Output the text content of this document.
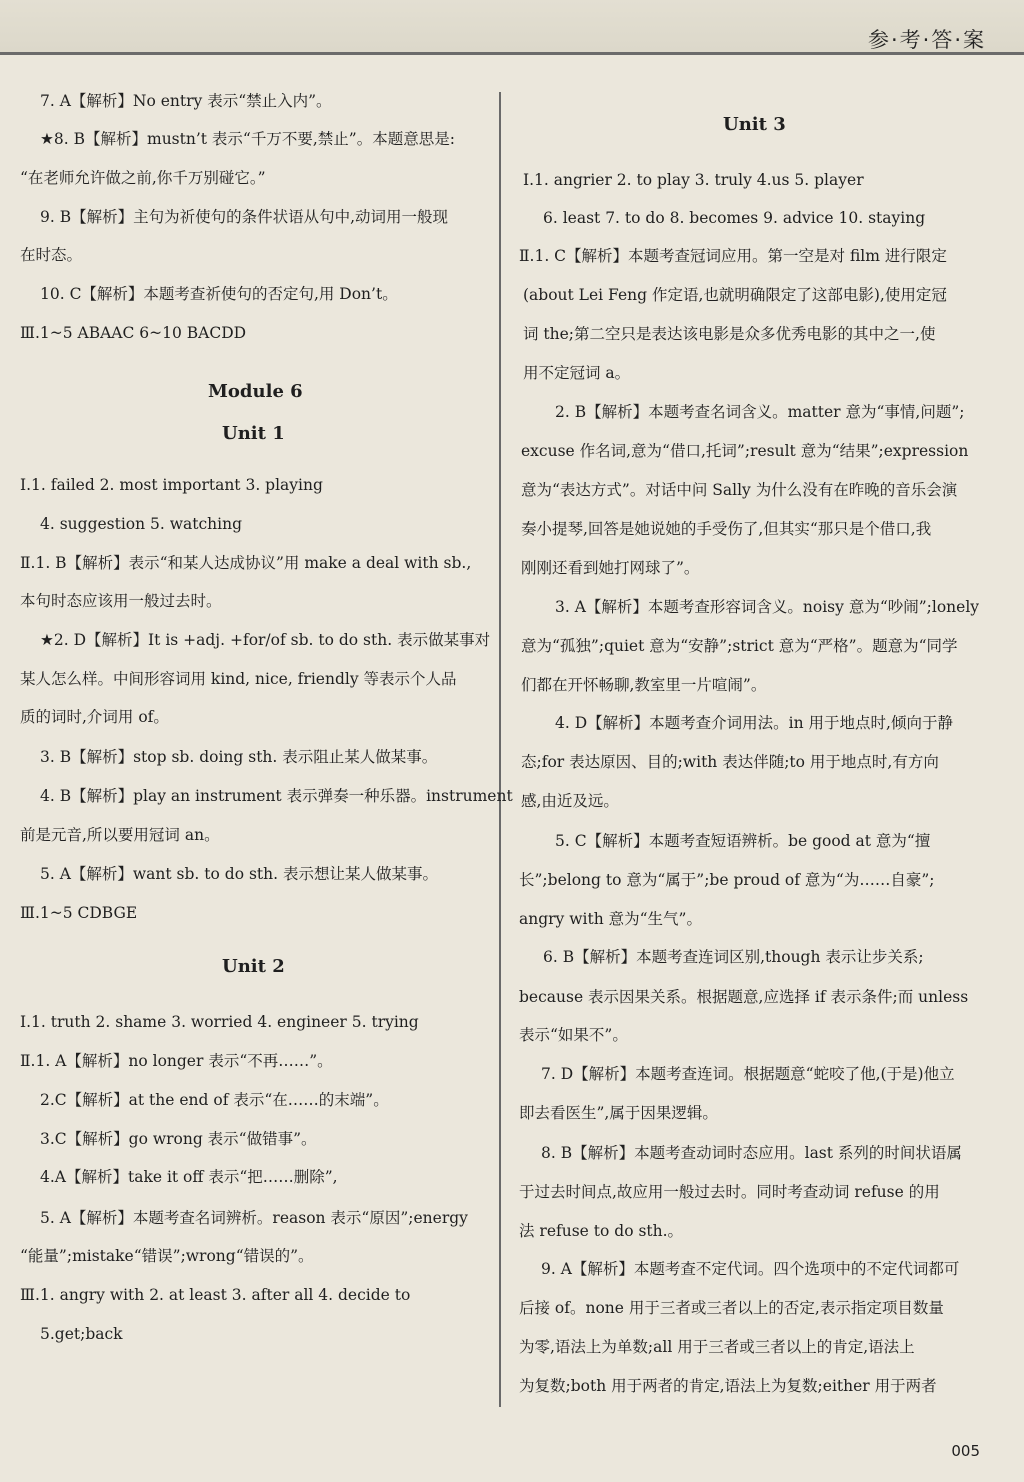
参·考·答·案
7. A【解析】No entry 表示“禁止入内”。
★8. B【解析】mustn’t 表示“千万不要,禁止”。本题意思是:
“在老师允许做之前,你千万别碰它。”
9. B【解析】主句为祈使句的条件状语从句中,动词用一般现
在时态。
10. C【解析】本题考查祈使句的否定句,用 Don’t。
Ⅲ.1~5 ABAAC 6~10 BACDD
Module 6
Unit 1
Ⅰ.1. failed 2. most important 3. playing
4. suggestion 5. watching
Ⅱ.1. B【解析】表示“和某人达成协议”用 make a deal with sb.,
本句时态应该用一般过去时。
★2. D【解析】It is +adj. +for/of sb. to do sth. 表示做某事对
某人怎么样。中间形容词用 kind, nice, friendly 等表示个人品
质的词时,介词用 of。
3. B【解析】stop sb. doing sth. 表示阻止某人做某事。
4. B【解析】play an instrument 表示弹奏一种乐器。instrument
前是元音,所以要用冠词 an。
5. A【解析】want sb. to do sth. 表示想让某人做某事。
Ⅲ.1~5 CDBGE
Unit 2
Ⅰ.1. truth 2. shame 3. worried 4. engineer 5. trying
Ⅱ.1. A【解析】no longer 表示“不再……”。
2.C【解析】at the end of 表示“在……的末端”。
3.C【解析】go wrong 表示“做错事”。
4.A【解析】take it off 表示“把……删除”,
5. A【解析】本题考查名词辨析。reason 表示“原因”;energy
“能量”;mistake“错误”;wrong“错误的”。
Ⅲ.1. angry with 2. at least 3. after all 4. decide to
5.get;back
Unit 3
Ⅰ.1. angrier 2. to play 3. truly 4.us 5. player
6. least 7. to do 8. becomes 9. advice 10. staying
Ⅱ.1. C【解析】本题考查冠词应用。第一空是对 film 进行限定
(about Lei Feng 作定语,也就明确限定了这部电影),使用定冠
词 the;第二空只是表达该电影是众多优秀电影的其中之一,使
用不定冠词 a。
2. B【解析】本题考查名词含义。matter 意为“事情,问题”;
excuse 作名词,意为“借口,托词”;result 意为“结果”;expression
意为“表达方式”。对话中问 Sally 为什么没有在昨晚的音乐会演
奏小提琴,回答是她说她的手受伤了,但其实“那只是个借口,我
刚刚还看到她打网球了”。
3. A【解析】本题考查形容词含义。noisy 意为“吵闹”;lonely
意为“孤独”;quiet 意为“安静”;strict 意为“严格”。题意为“同学
们都在开怀畅聊,教室里一片喧闹”。
4. D【解析】本题考查介词用法。in 用于地点时,倾向于静
态;for 表达原因、目的;with 表达伴随;to 用于地点时,有方向
感,由近及远。
5. C【解析】本题考查短语辨析。be good at 意为“擅
长”;belong to 意为“属于”;be proud of 意为“为……自豪”;
angry with 意为“生气”。
6. B【解析】本题考查连词区别,though 表示让步关系;
because 表示因果关系。根据题意,应选择 if 表示条件;而 unless
表示“如果不”。
7. D【解析】本题考查连词。根据题意“蛇咬了他,(于是)他立
即去看医生”,属于因果逻辑。
8. B【解析】本题考查动词时态应用。last 系列的时间状语属
于过去时间点,故应用一般过去时。同时考查动词 refuse 的用
法 refuse to do sth.。
9. A【解析】本题考查不定代词。四个选项中的不定代词都可
后接 of。none 用于三者或三者以上的否定,表示指定项目数量
为零,语法上为单数;all 用于三者或三者以上的肯定,语法上
为复数;both 用于两者的肯定,语法上为复数;either 用于两者
005
